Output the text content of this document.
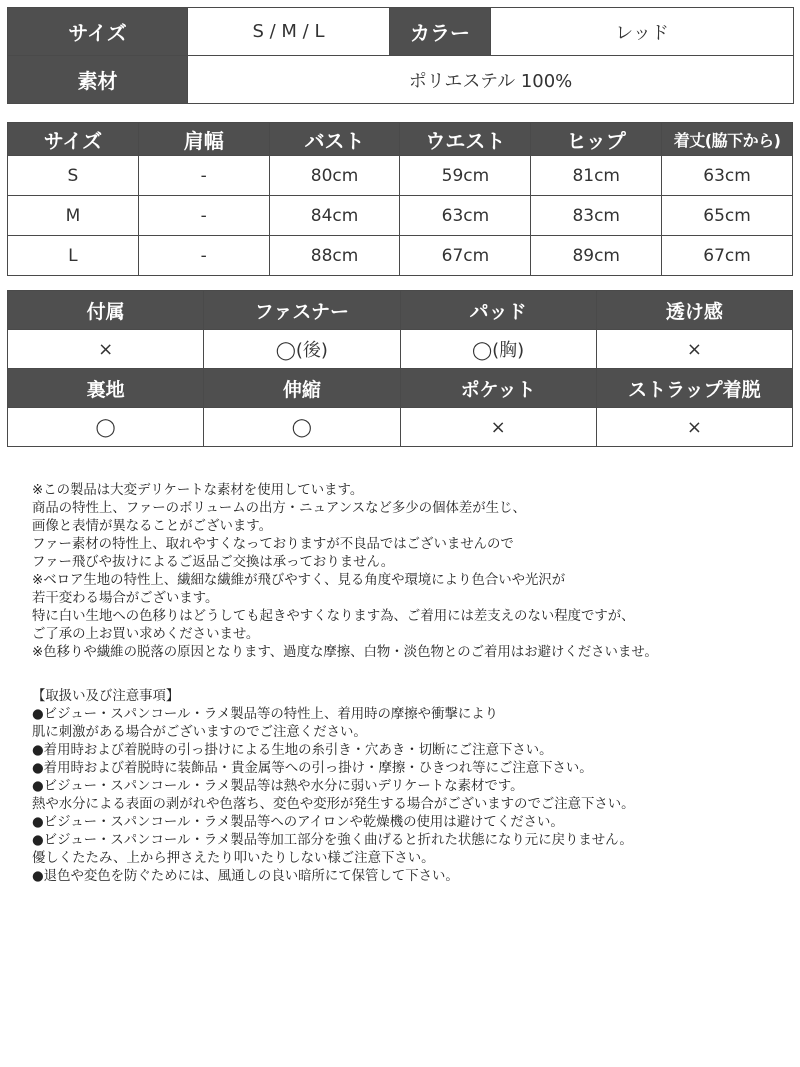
サイズ	S / M / L	カラー	レッド
素材	ポリエステル 100%		
サイズ	肩幅	バスト	ウエスト	ヒップ	着丈(脇下から)
S	-	80cm	59cm	81cm	63cm
M	-	84cm	63cm	83cm	65cm
L	-	88cm	67cm	89cm	67cm
付属	ファスナー	パッド	透け感
×	◯(後)	◯(胸)	×
裏地	伸縮	ポケット	ストラップ着脱
◯	◯	×	×
※この製品は大変デリケートな素材を使用しています。
商品の特性上、ファーのボリュームの出方・ニュアンスなど多少の個体差が生じ、
画像と表情が異なることがございます。
ファー素材の特性上、取れやすくなっておりますが不良品ではございませんので
ファー飛びや抜けによるご返品ご交換は承っておりません。
※ベロア生地の特性上、繊細な繊維が飛びやすく、見る角度や環境により色合いや光沢が
若干変わる場合がございます。
特に白い生地への色移りはどうしても起きやすくなります為、ご着用には差支えのない程度ですが、
ご了承の上お買い求めくださいませ。
※色移りや繊維の脱落の原因となります、過度な摩擦、白物・淡色物とのご着用はお避けくださいませ。
【取扱い及び注意事項】
●ビジュー・スパンコール・ラメ製品等の特性上、着用時の摩擦や衝撃により
肌に刺激がある場合がございますのでご注意ください。
●着用時および着脱時の引っ掛けによる生地の糸引き・穴あき・切断にご注意下さい。
●着用時および着脱時に装飾品・貴金属等への引っ掛け・摩擦・ひきつれ等にご注意下さい。
●ビジュー・スパンコール・ラメ製品等は熱や水分に弱いデリケートな素材です。
熱や水分による表面の剥がれや色落ち、変色や変形が発生する場合がございますのでご注意下さい。
●ビジュー・スパンコール・ラメ製品等へのアイロンや乾燥機の使用は避けてください。
●ビジュー・スパンコール・ラメ製品等加工部分を強く曲げると折れた状態になり元に戻りません。
優しくたたみ、上から押さえたり叩いたりしない様ご注意下さい。
●退色や変色を防ぐためには、風通しの良い暗所にて保管して下さい。
